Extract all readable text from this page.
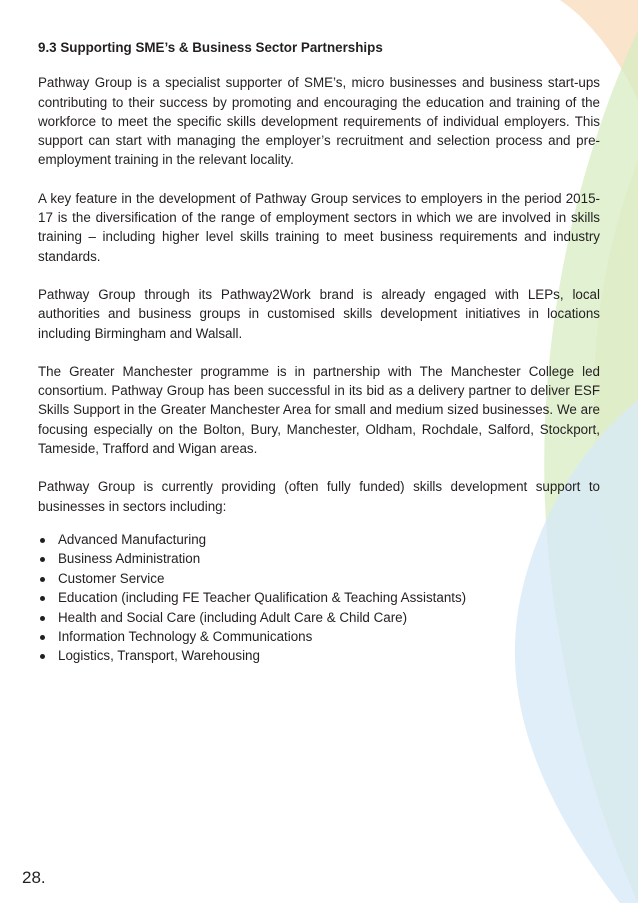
9.3 Supporting SME’s & Business Sector Partnerships

Pathway Group is a specialist supporter of SME’s, micro businesses and business start-ups contributing to their success by promoting and encouraging the education and training of the workforce to meet the specific skills development requirements of individual employers. This support can start with managing the employer’s recruitment and selection process and pre-employment training in the relevant locality.

A key feature in the development of Pathway Group services to employers in the period 2015-17 is the diversification of the range of employment sectors in which we are involved in skills training – including higher level skills training to meet business requirements and industry standards.

Pathway Group through its Pathway2Work brand is already engaged with LEPs, local authorities and business groups in customised skills development initiatives in locations including Birmingham and Walsall.

The Greater Manchester programme is in partnership with The Manchester College led consortium. Pathway Group has been successful in its bid as a delivery partner to deliver ESF Skills Support in the Greater Manchester Area for small and medium sized businesses. We are focusing especially on the Bolton, Bury, Manchester, Oldham, Rochdale, Salford, Stockport, Tameside, Trafford and Wigan areas.

Pathway Group is currently providing (often fully funded) skills development support to businesses in sectors including:

Advanced Manufacturing
Business Administration
Customer Service
Education (including FE Teacher Qualification & Teaching Assistants)
Health and Social Care (including Adult Care & Child Care)
Information Technology & Communications
Logistics, Transport, Warehousing
28.
